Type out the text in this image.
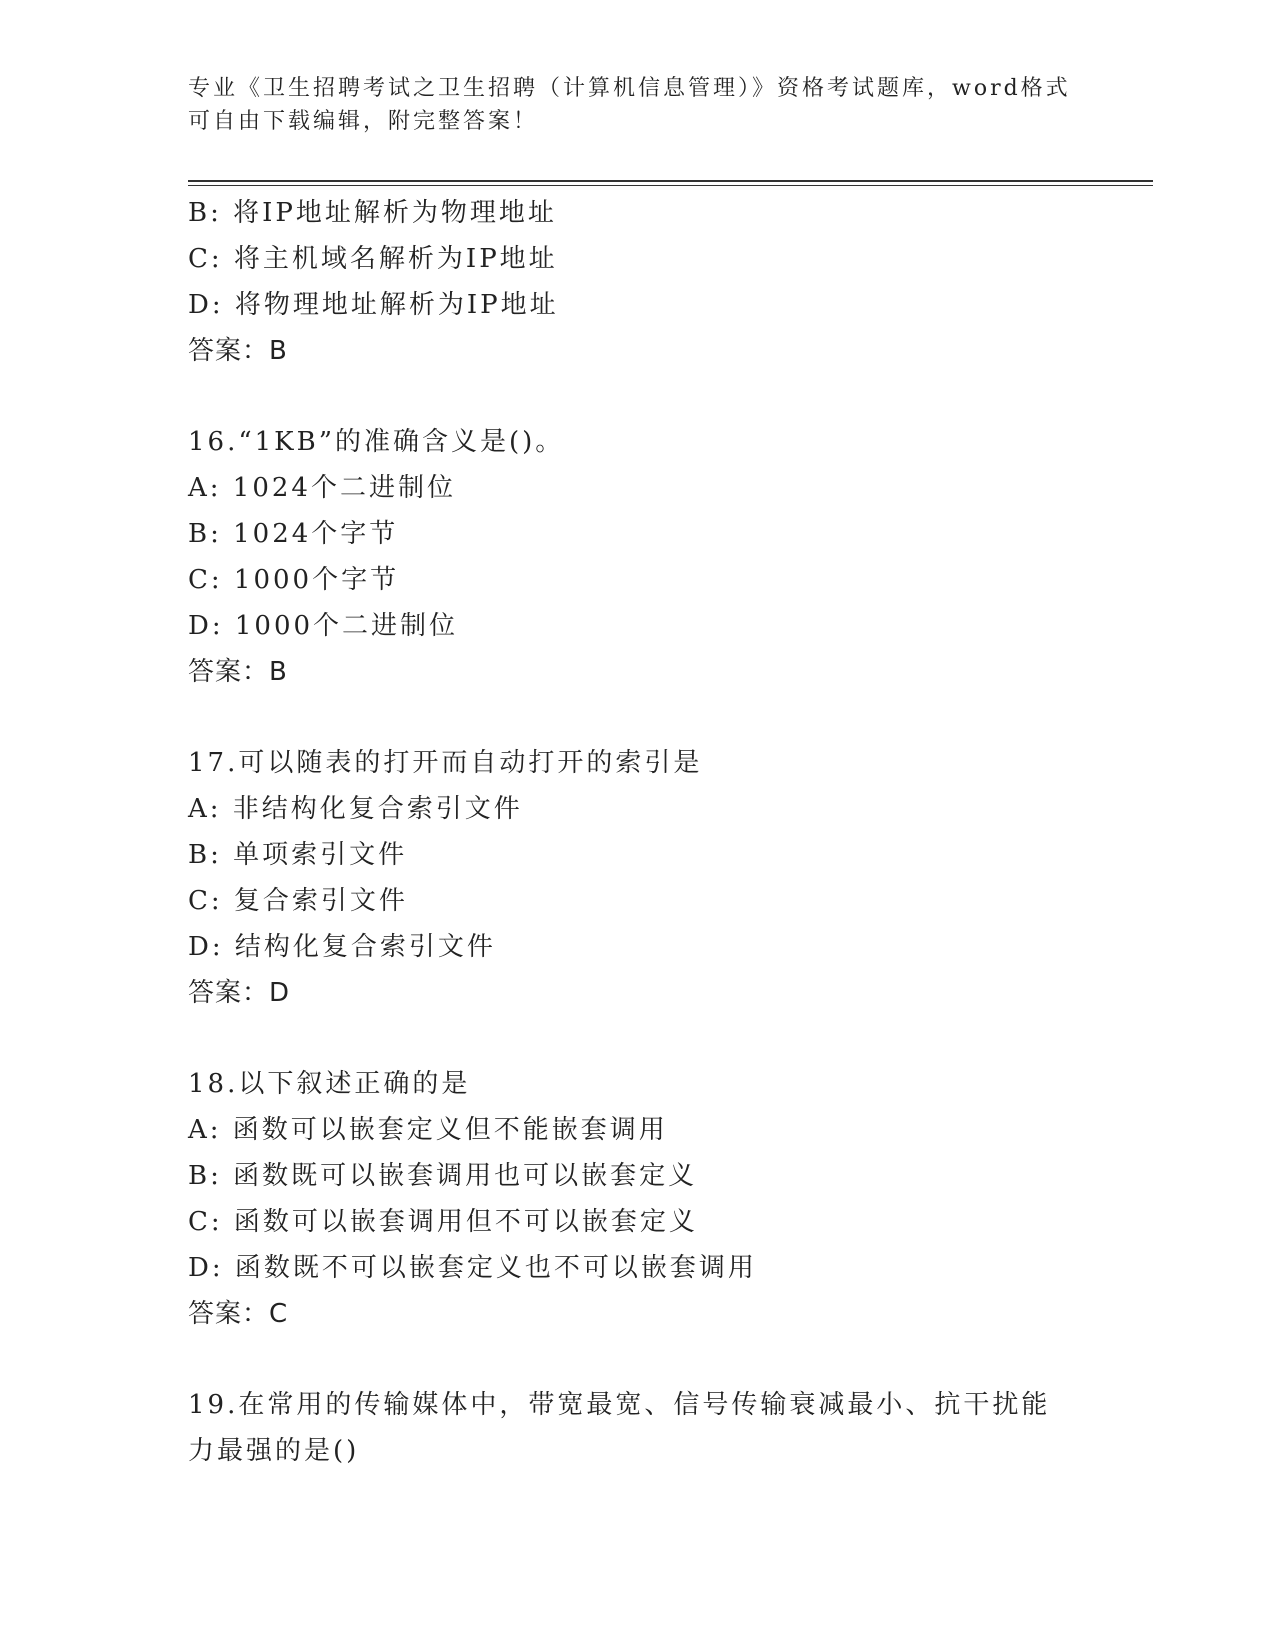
专业《卫生招聘考试之卫生招聘（计算机信息管理）》资格考试题库，word格式
可自由下载编辑，附完整答案！
B: 将IP地址解析为物理地址
C: 将主机域名解析为IP地址
D: 将物理地址解析为IP地址
答案：B
16.“1KB”的准确含义是()。
A: 1024个二进制位
B: 1024个字节
C: 1000个字节
D: 1000个二进制位
答案：B
17.可以随表的打开而自动打开的索引是
A: 非结构化复合索引文件
B: 单项索引文件
C: 复合索引文件
D: 结构化复合索引文件
答案：D
18.以下叙述正确的是
A: 函数可以嵌套定义但不能嵌套调用
B: 函数既可以嵌套调用也可以嵌套定义
C: 函数可以嵌套调用但不可以嵌套定义
D: 函数既不可以嵌套定义也不可以嵌套调用
答案：C
19.在常用的传输媒体中，带宽最宽、信号传输衰减最小、抗干扰能力最强的是()
